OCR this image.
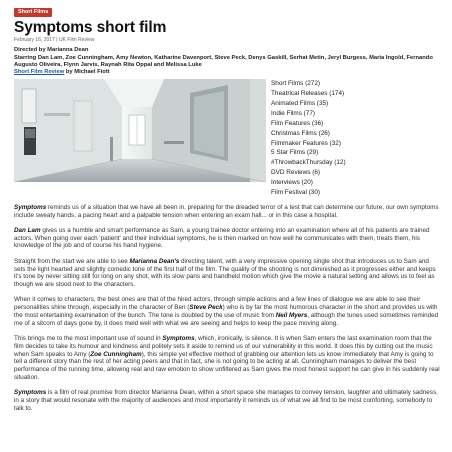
Short Films
Symptoms short film
February 16, 2017 | UK Film Review
Directed by Marianna Dean
Starring Dan Lam, Zoe Cunningham, Amy Newton, Katharine Davenport, Steve Peck, Denys Gaskill, Serhat Metin, Jeryl Burgess, Maria Ingold, Fernando Augusto Oliveira, Flynn Jarvis, Raynah Rita Oppal and Melissa Luke
Short Film Review by Michael Fiott
Short Films (272)
Theatrical Releases (174)
Animated Films (35)
Indie Films (77)
Film Features (36)
Christmas Films (26)
Filmmaker Features (32)
5 Star Films (29)
#ThrowbackThursday (12)
DVD Reviews (6)
Interviews (20)
Film Festival (30)

Symptoms reminds us of a situation that we have all been in, preparing for the dreaded terror of a test that can determine our future, our own symptoms include sweaty hands, a pacing heart and a palpable tension when entering an exam hall... or in this case a hospital.

Dan Lam gives us a humble and smart performance as Sam, a young trainee doctor entering into an examination where all of his patients are trained actors. When going over each 'patient' and their individual symptoms, he is then marked on how well he communicates with them, treats them, his knowledge of the job and of course his hand hygiene.

Straight from the start we are able to see Marianna Dean's directing talent, with a very impressive opening single shot that introduces us to Sam and sets the light hearted and slightly comedic tone of the first half of the film. The quality of the shooting is not diminished as it progresses either and keeps it's tone by never sitting still for long on any shot, with its slow pans and handheld motion which give the movie a natural setting and allows us to feel as though we are stood next to the characters.

When it comes to characters, the best ones are that of the hired actors, through simple actions and a few lines of dialogue we are able to see their personalities shine through, especially in the character of Ben (Steve Peck) who is by far the most humorous character in the short and provides us with the most entertaining examination of the bunch. The tone is doubled by the use of music from Neil Myers, although the tunes used sometimes reminded me of a sitcom of days gone by, it does meld well with what we are seeing and helps to keep the pace moving along.

This brings me to the most important use of sound in Symptoms, which, ironically, is silence. It is when Sam enters the last examination room that the film decides to take its humour and kindness and politely sets it aside to remind us of our vulnerability in this world. It does this by cutting out the music when Sam speaks to Amy (Zoe Cunningham), this simple yet effective method of grabbing our attention lets us know immediately that Amy is going to tell a different story than the rest of her acting peers and that in fact, she is not going to be acting at all. Cunningham manages to deliver the best performance of the running time, allowing real and raw emotion to show unfiltered as Sam gives the most honest support he can give in his suddenly real situation.

Symptoms is a film of real promise from director Marianna Dean, within a short space she manages to convey tension, laughter and ultimately sadness, in a story that would resonate with the majority of audiences and most importantly it reminds us of what we all find to be most comforting, somebody to talk to.
